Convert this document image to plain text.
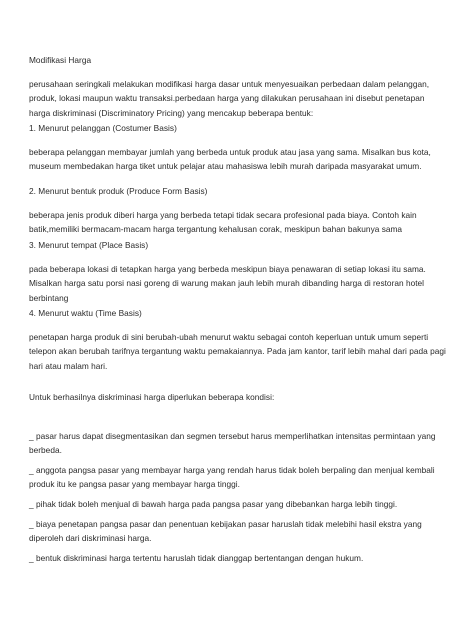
Modifikasi Harga

perusahaan seringkali melakukan modifikasi harga dasar untuk menyesuaikan perbedaan dalam pelanggan, produk, lokasi maupun waktu transaksi.perbedaan harga yang dilakukan perusahaan ini disebut penetapan harga diskriminasi (Discriminatory Pricing) yang mencakup beberapa bentuk:

1. Menurut pelanggan (Costumer Basis)

beberapa pelanggan membayar jumlah yang berbeda untuk produk atau jasa yang sama. Misalkan bus kota, museum membedakan harga tiket untuk pelajar atau mahasiswa lebih murah daripada masyarakat umum.

2. Menurut bentuk produk (Produce Form Basis)

beberapa jenis produk diberi harga yang berbeda tetapi tidak secara profesional pada biaya. Contoh kain batik,memiliki bermacam-macam harga tergantung kehalusan corak, meskipun bahan bakunya sama

3. Menurut tempat (Place Basis)

pada beberapa lokasi di tetapkan harga yang berbeda meskipun biaya penawaran di setiap lokasi itu sama. Misalkan harga satu porsi nasi goreng di warung makan jauh lebih murah dibanding harga di restoran hotel berbintang

4. Menurut waktu (Time Basis)

penetapan harga produk di sini berubah-ubah menurut waktu sebagai contoh keperluan untuk umum seperti telepon akan berubah tarifnya tergantung waktu pemakaiannya. Pada jam kantor, tarif lebih mahal dari pada pagi hari atau malam hari.

Untuk berhasilnya diskriminasi harga diperlukan beberapa kondisi:

_ pasar harus dapat disegmentasikan dan segmen tersebut harus memperlihatkan intensitas permintaan yang berbeda.

_ anggota pangsa pasar yang membayar harga yang rendah harus tidak boleh berpaling dan menjual kembali produk itu ke pangsa pasar yang membayar harga tinggi.

_ pihak tidak boleh menjual di bawah harga pada pangsa pasar yang dibebankan harga lebih tinggi.

_ biaya penetapan pangsa pasar dan penentuan kebijakan pasar haruslah tidak melebihi hasil ekstra yang diperoleh dari diskriminasi harga.

_ bentuk diskriminasi harga tertentu haruslah tidak dianggap bertentangan dengan hukum.
